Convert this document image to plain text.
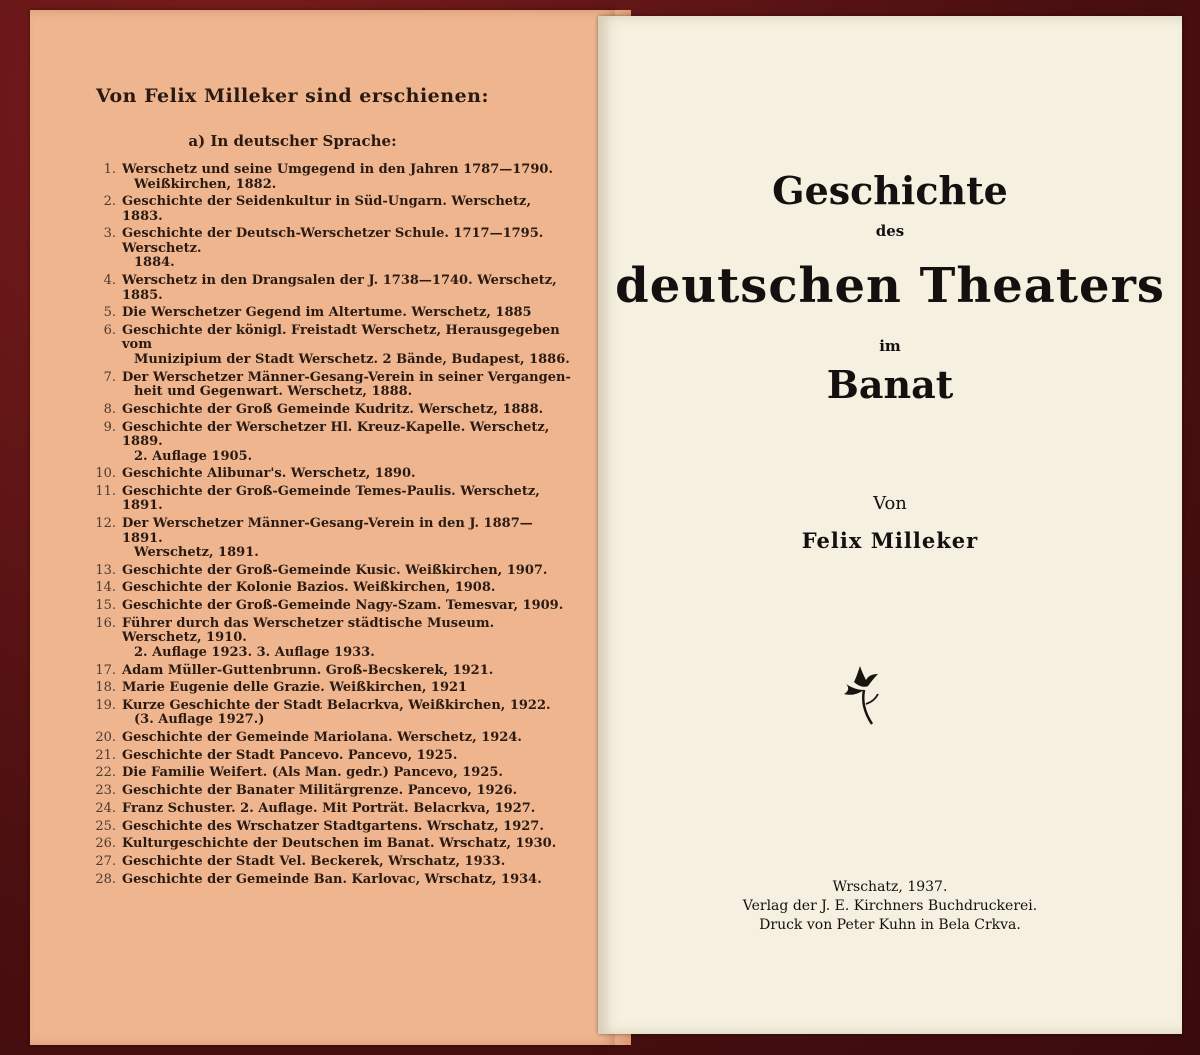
Von Felix Milleker sind erschienen:
a) In deutscher Sprache:
1. Werschetz und seine Umgegend in den Jahren 1787—1790.
Weißkirchen, 1882.
2. Geschichte der Seidenkultur in Süd-Ungarn. Werschetz, 1883.
3. Geschichte der Deutsch-Werschetzer Schule. 1717—1795. Werschetz.
1884.
4. Werschetz in den Drangsalen der J. 1738—1740. Werschetz, 1885.
5. Die Werschetzer Gegend im Altertume. Werschetz, 1885
6. Geschichte der königl. Freistadt Werschetz, Herausgegeben vom
Munizipium der Stadt Werschetz. 2 Bände, Budapest, 1886.
7. Der Werschetzer Männer-Gesang-Verein in seiner Vergangen-
heit und Gegenwart. Werschetz, 1888.
8. Geschichte der Groß Gemeinde Kudritz. Werschetz, 1888.
9. Geschichte der Werschetzer Hl. Kreuz-Kapelle. Werschetz, 1889.
2. Auflage 1905.
10. Geschichte Alibunar's. Werschetz, 1890.
11. Geschichte der Groß-Gemeinde Temes-Paulis. Werschetz, 1891.
12. Der Werschetzer Männer-Gesang-Verein in den J. 1887—1891.
Werschetz, 1891.
13. Geschichte der Groß-Gemeinde Kusic. Weißkirchen, 1907.
14. Geschichte der Kolonie Bazios. Weißkirchen, 1908.
15. Geschichte der Groß-Gemeinde Nagy-Szam. Temesvar, 1909.
16. Führer durch das Werschetzer städtische Museum. Werschetz, 1910.
2. Auflage 1923. 3. Auflage 1933.
17. Adam Müller-Guttenbrunn. Groß-Becskerek, 1921.
18. Marie Eugenie delle Grazie. Weißkirchen, 1921
19. Kurze Geschichte der Stadt Belacrkva, Weißkirchen, 1922.
(3. Auflage 1927.)
20. Geschichte der Gemeinde Mariolana. Werschetz, 1924.
21. Geschichte der Stadt Pancevo. Pancevo, 1925.
22. Die Familie Weifert. (Als Man. gedr.) Pancevo, 1925.
23. Geschichte der Banater Militärgrenze. Pancevo, 1926.
24. Franz Schuster. 2. Auflage. Mit Porträt. Belacrkva, 1927.
25. Geschichte des Wrschatzer Stadtgartens. Wrschatz, 1927.
26. Kulturgeschichte der Deutschen im Banat. Wrschatz, 1930.
27. Geschichte der Stadt Vel. Beckerek, Wrschatz, 1933.
28. Geschichte der Gemeinde Ban. Karlovac, Wrschatz, 1934.
Geschichte
des
deutschen Theaters
im
Banat
Von
Felix Milleker
Wrschatz, 1937.
Verlag der J. E. Kirchners Buchdruckerei.
Druck von Peter Kuhn in Bela Crkva.
